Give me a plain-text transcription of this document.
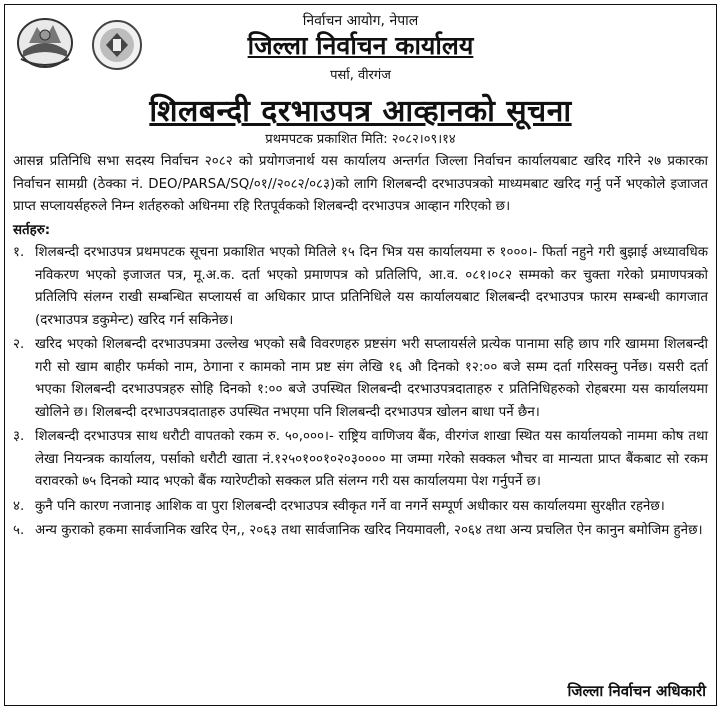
निर्वाचन आयोग, नेपाल
जिल्ला निर्वाचन कार्यालय
पर्सा, वीरगंज
शिलबन्दी दरभाउपत्र आव्हानको सूचना
प्रथमपटक प्रकाशित मिति: २०८२।०९।१४
आसन्न प्रतिनिधि सभा सदस्य निर्वाचन २०८२ को प्रयोगजनार्थ यस कार्यालय अन्तर्गत जिल्ला निर्वाचन कार्यालयबाट खरिद गरिने २७ प्रकारका निर्वाचन सामग्री (ठेक्का नं. DEO/PARSA/SQ/०१//२०८२/०८३)को लागि शिलबन्दी दरभाउपत्रको माध्यमबाट खरिद गर्नु पर्ने भएकोले इजाजत प्राप्त सप्लायर्सहरुले निम्न शर्तहरुको अधिनमा रहि रितपूर्वकको शिलबन्दी दरभाउपत्र आव्हान गरिएको छ।
सर्तहरु:
१. शिलबन्दी दरभाउपत्र प्रथमपटक सूचना प्रकाशित भएको मितिले १५ दिन भित्र यस कार्यालयमा रु १०००।- फिर्ता नहुने गरी बुझाई अध्यावधिक नविकरण भएको इजाजत पत्र, मू.अ.क. दर्ता भएको प्रमाणपत्र को प्रतिलिपि, आ.व. ०८१।०८२ सम्मको कर चुक्ता गरेको प्रमाणपत्रको प्रतिलिपि संलग्न राखी सम्बन्धित सप्लायर्स वा अधिकार प्राप्त प्रतिनिधिले यस कार्यालयबाट शिलबन्दी दरभाउपत्र फारम सम्बन्धी कागजात (दरभाउपत्र डकुमेन्ट) खरिद गर्न सकिनेछ।
२. खरिद भएको शिलबन्दी दरभाउपत्रमा उल्लेख भएको सबै विवरणहरु प्रष्टसंग भरी सप्लायर्सले प्रत्येक पानामा सहि छाप गरि खाममा शिलबन्दी गरी सो खाम बाहीर फर्मको नाम, ठेगाना र कामको नाम प्रष्ट संग लेखि १६ औ दिनको १२:०० बजे सम्म दर्ता गरिसक्नु पर्नेछ। यसरी दर्ता भएका शिलबन्दी दरभाउपत्रहरु सोहि दिनको १:०० बजे उपस्थित शिलबन्दी दरभाउपत्रदाताहरु र प्रतिनिधिहरुको रोहबरमा यस कार्यालयमा खोलिने छ। शिलबन्दी दरभाउपत्रदाताहरु उपस्थित नभएमा पनि शिलबन्दी दरभाउपत्र खोलन बाधा पर्ने छैन।
३. शिलबन्दी दरभाउपत्र साथ धरौटी वापतको रकम रु. ५०,०००।- राष्ट्रिय वाणिजय बैंक, वीरगंज शाखा स्थित यस कार्यालयको नाममा कोष तथा लेखा नियन्त्रक कार्यालय, पर्साको धरौटी खाता नं.१२५०१००१०२०३०००० मा जम्मा गरेको सक्कल भौचर वा मान्यता प्राप्त बैंकबाट सो रकम वरावरको ७५ दिनको म्याद भएको बैंक ग्यारेण्टीको सक्कल प्रति संलग्न गरी यस कार्यालयमा पेश गर्नुपर्ने छ।
४. कुनै पनि कारण नजानाइ आशिक वा पुरा शिलबन्दी दरभाउपत्र स्वीकृत गर्ने वा नगर्ने सम्पूर्ण अधीकार यस कार्यालयमा सुरक्षीत रहनेछ।
५. अन्य कुराको हकमा सार्वजानिक खरिद ऐन,, २०६३ तथा सार्वजानिक खरिद नियमावली, २०६४ तथा अन्य प्रचलित ऐन कानुन बमोजिम हुनेछ।
जिल्ला निर्वाचन अधिकारी
